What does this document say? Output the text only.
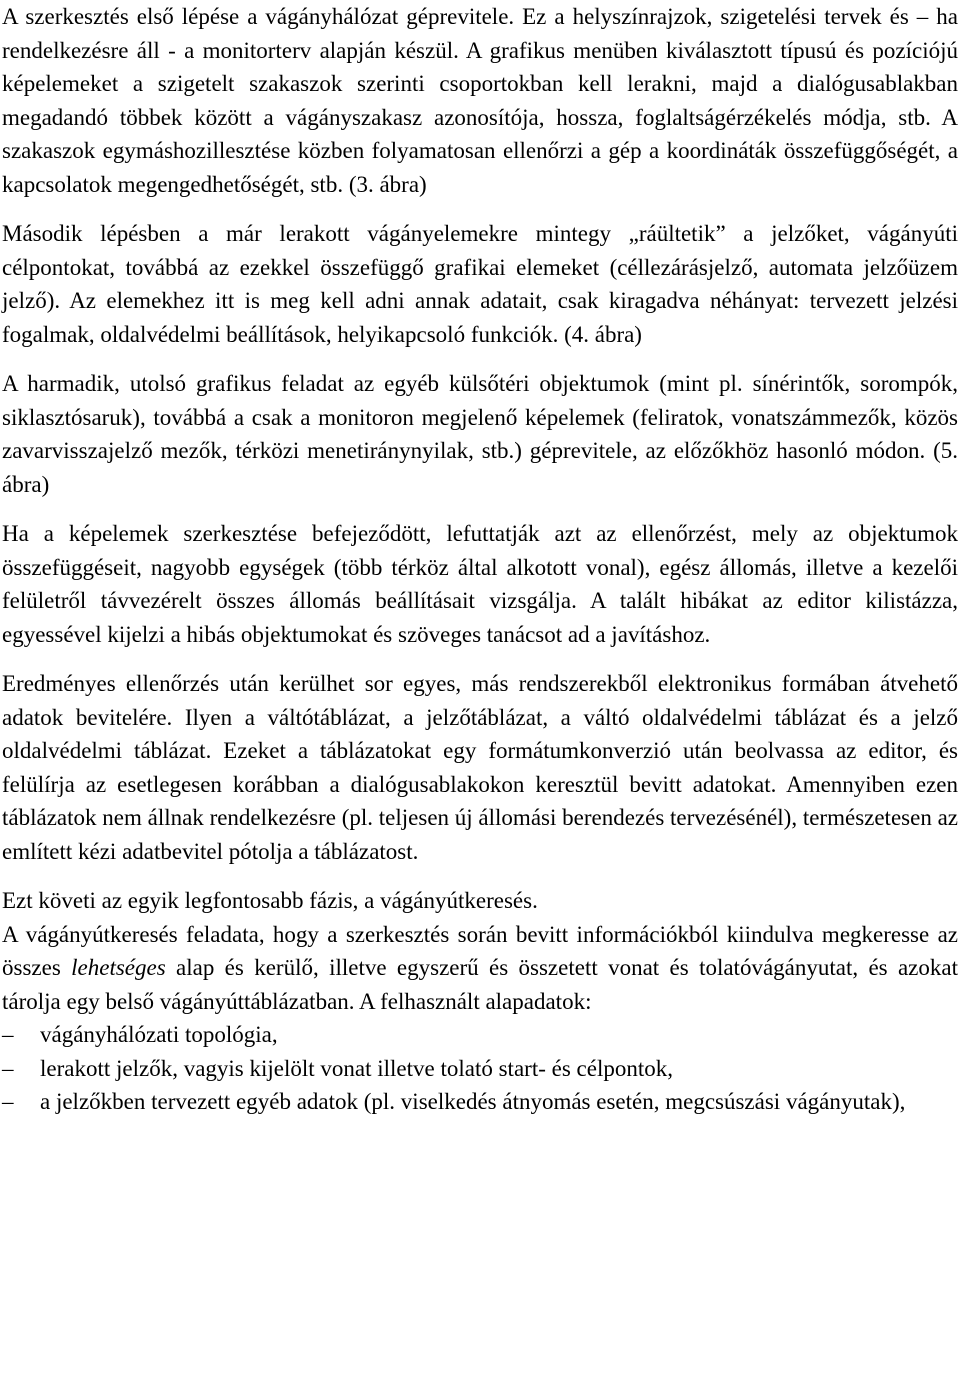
A szerkesztés első lépése a vágányhálózat géprevitele. Ez a helyszínrajzok, szigetelési tervek és – ha rendelkezésre áll - a monitorterv alapján készül. A grafikus menüben kiválasztott típusú és pozíciójú képelemeket a szigetelt szakaszok szerinti csoportokban kell lerakni, majd a dialógusablakban megadandó többek között a vágányszakasz azonosítója, hossza, foglaltságérzékelés módja, stb. A szakaszok egymáshozillesztése közben folyamatosan ellenőrzi a gép a koordináták összefüggőségét, a kapcsolatok megengedhetőségét, stb. (3. ábra)

Második lépésben a már lerakott vágányelemekre mintegy „ráültetik” a jelzőket, vágányúti célpontokat, továbbá az ezekkel összefüggő grafikai elemeket (céllezárásjelző, automata jelzőüzem jelző). Az elemekhez itt is meg kell adni annak adatait, csak kiragadva néhányat: tervezett jelzési fogalmak, oldalvédelmi beállítások, helyikapcsoló funkciók. (4. ábra)

A harmadik, utolsó grafikus feladat az egyéb külsőtéri objektumok (mint pl. sínérintők, sorompók, siklasztósaruk), továbbá a csak a monitoron megjelenő képelemek (feliratok, vonatszámmezők, közös zavarvisszajelző mezők, térközi menetiránynyilak, stb.) géprevitele, az előzőkhöz hasonló módon. (5. ábra)

Ha a képelemek szerkesztése befejeződött, lefuttatják azt az ellenőrzést, mely az objektumok összefüggéseit, nagyobb egységek (több térköz által alkotott vonal), egész állomás, illetve a kezelői felületről távvezérelt összes állomás beállításait vizsgálja. A talált hibákat az editor kilistázza, egyessével kijelzi a hibás objektumokat és szöveges tanácsot ad a javításhoz.

Eredményes ellenőrzés után kerülhet sor egyes, más rendszerekből elektronikus formában átvehető adatok bevitelére. Ilyen a váltótáblázat, a jelzőtáblázat, a váltó oldalvédelmi táblázat és a jelző oldalvédelmi táblázat. Ezeket a táblázatokat egy formátumkonverzió után beolvassa az editor, és felülírja az esetlegesen korábban a dialógusablakokon keresztül bevitt adatokat. Amennyiben ezen táblázatok nem állnak rendelkezésre (pl. teljesen új állomási berendezés tervezésénél), természetesen az említett kézi adatbevitel pótolja a táblázatost.

Ezt követi az egyik legfontosabb fázis, a vágányútkeresés.

A vágányútkeresés feladata, hogy a szerkesztés során bevitt információkból kiindulva megkeresse az összes lehetséges alap és kerülő, illetve egyszerű és összetett vonat és tolatóvágányutat, és azokat tárolja egy belső vágányúttáblázatban. A felhasznált alapadatok:

–	vágányhálózati topológia,
–	lerakott jelzők, vagyis kijelölt vonat illetve tolató start- és célpontok,
–	a jelzőkben tervezett egyéb adatok (pl. viselkedés átnyomás esetén, megcsúszási vágányutak),
